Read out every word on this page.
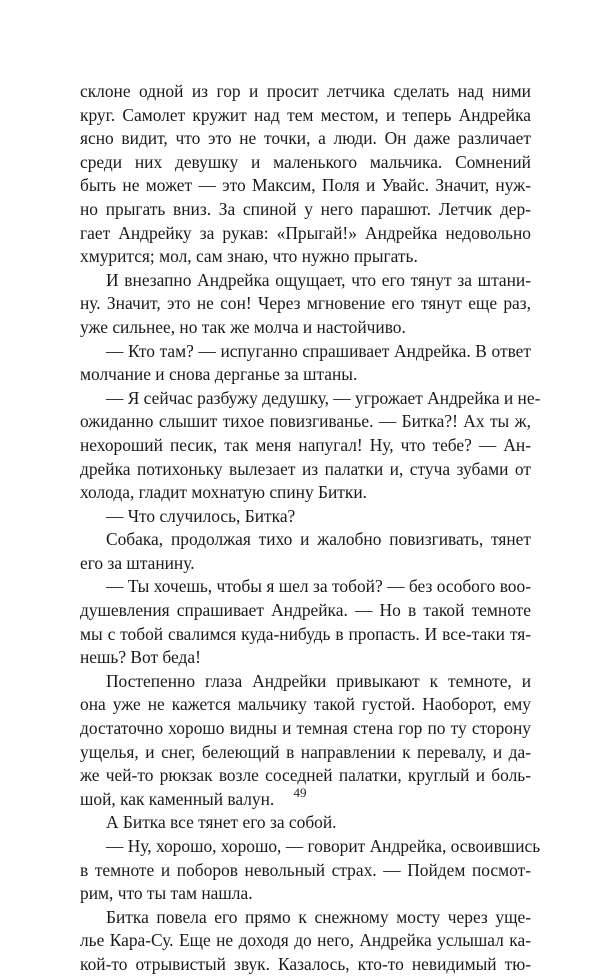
склоне одной из гор и просит летчика сделать над ними
круг. Самолет кружит над тем местом, и теперь Андрейка
ясно видит, что это не точки, а люди. Он даже различает
среди них девушку и маленького мальчика. Сомнений
быть не может — это Максим, Поля и Увайс. Значит, нуж-
но прыгать вниз. За спиной у него парашют. Летчик дер-
гает Андрейку за рукав: «Прыгай!» Андрейка недовольно
хмурится; мол, сам знаю, что нужно прыгать.
И внезапно Андрейка ощущает, что его тянут за штани-
ну. Значит, это не сон! Через мгновение его тянут еще раз,
уже сильнее, но так же молча и настойчиво.
— Кто там? — испуганно спрашивает Андрейка. В ответ
молчание и снова дерганье за штаны.
— Я сейчас разбужу дедушку, — угрожает Андрейка и не-
ожиданно слышит тихое повизгиванье. — Битка?! Ах ты ж,
нехороший песик, так меня напугал! Ну, что тебе? — Ан-
дрейка потихоньку вылезает из палатки и, стуча зубами от
холода, гладит мохнатую спину Битки.
— Что случилось, Битка?
Собака, продолжая тихо и жалобно повизгивать, тянет
его за штанину.
— Ты хочешь, чтобы я шел за тобой? — без особого воо-
душевления спрашивает Андрейка. — Но в такой темноте
мы с тобой свалимся куда-нибудь в пропасть. И все-таки тя-
нешь? Вот беда!
Постепенно глаза Андрейки привыкают к темноте, и
она уже не кажется мальчику такой густой. Наоборот, ему
достаточно хорошо видны и темная стена гор по ту сторону
ущелья, и снег, белеющий в направлении к перевалу, и да-
же чей-то рюкзак возле соседней палатки, круглый и боль-
шой, как каменный валун.
А Битка все тянет его за собой.
— Ну, хорошо, хорошо, — говорит Андрейка, освоившись
в темноте и поборов невольный страх. — Пойдем посмот-
рим, что ты там нашла.
Битка повела его прямо к снежному мосту через уще-
лье Кара-Су. Еще не доходя до него, Андрейка услышал ка-
кой-то отрывистый звук. Казалось, кто-то невидимый тю-
49
